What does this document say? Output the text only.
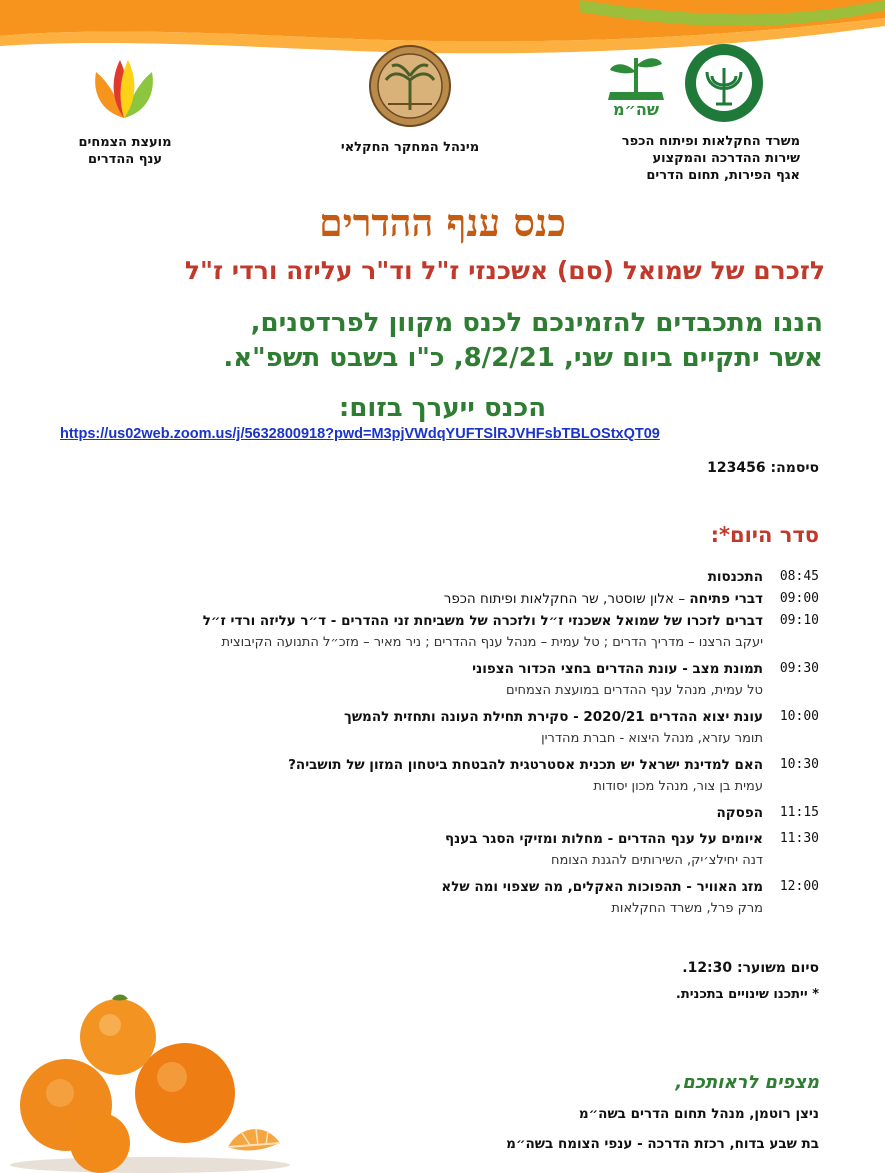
מועצת הצמחים
ענף ההדרים
מינהל המחקר החקלאי
שה״מ
משרד החקלאות ופיתוח הכפר
שירות ההדרכה והמקצוע
אגף הפירות, תחום הדרים
כנס ענף ההדרים
לזכרם של שמואל (סם) אשכנזי ז"ל וד"ר עליזה ורדי ז"ל
הננו מתכבדים להזמינכם לכנס מקוון לפרדסנים,
אשר יתקיים ביום שני, 8/2/21, כ"ו בשבט תשפ"א.
הכנס ייערך בזום:
https://us02web.zoom.us/j/5632800918?pwd=M3pjVWdqYUFTSlRJVHFsbTBLOStxQT09
סיסמה: 123456
סדר היום*:
08:45
התכנסות
09:00
דברי פתיחה – אלון שוסטר, שר החקלאות ופיתוח הכפר
09:10
דברים לזכרו של שמואל אשכנזי ז״ל ולזכרה של משביחת זני ההדרים - ד״ר עליזה ורדי ז״ל
יעקב הרצנו – מדריך הדרים ; טל עמית – מנהל ענף ההדרים ; ניר מאיר – מזכ״ל התנועה הקיבוצית
09:30
תמונת מצב - עונת ההדרים בחצי הכדור הצפוני
טל עמית, מנהל ענף ההדרים במועצת הצמחים
10:00
עונת יצוא ההדרים 2020/21 - סקירת תחילת העונה ותחזית להמשך
תומר עזרא, מנהל היצוא - חברת מהדרין
10:30
האם למדינת ישראל יש תכנית אסטרטגית להבטחת ביטחון המזון של תושביה?
עמית בן צור, מנהל מכון יסודות
11:15
הפסקה
11:30
איומים על ענף ההדרים - מחלות ומזיקי הסגר בענף
דנה יחילצ׳יק, השירותים להגנת הצומח
12:00
מזג האוויר - תהפוכות האקלים, מה שצפוי ומה שלא
מרק פרל, משרד החקלאות
סיום משוער: 12:30.
* ייתכנו שינויים בתכנית.
מצפים לראותכם,
ניצן רוטמן, מנהל תחום הדרים בשה״מ
בת שבע בדוח, רכזת הדרכה - ענפי הצומח בשה״מ
